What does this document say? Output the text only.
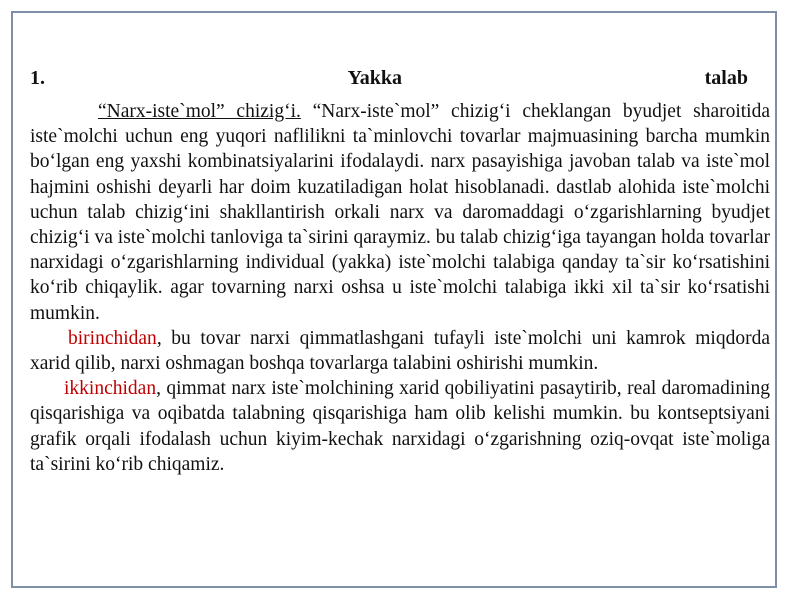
1.	Yakka	talab

“Narx-iste`mol” chizig‘i. “Narx-iste`mol” chizig‘i cheklangan byudjet sharoitida iste`molchi uchun eng yuqori naflilikni ta`minlovchi tovarlar majmuasining barcha mumkin bo‘lgan eng yaxshi kombinatsiyalarini ifodalaydi. narx pasayishiga javoban talab va iste`mol hajmini oshishi deyarli har doim kuzatiladigan holat hisoblanadi. dastlab alohida iste`molchi uchun talab chizig‘ini shakllantirish orkali narx va daromaddagi o‘zgarishlarning byudjet chizig‘i va iste`molchi tanloviga ta`sirini qaraymiz. bu talab chizig‘iga tayangan holda tovarlar narxidagi o‘zgarishlarning individual (yakka) iste`molchi talabiga qanday ta`sir ko‘rsatishini ko‘rib chiqaylik. agar tovarning narxi oshsa u iste`molchi talabiga ikki xil ta`sir ko‘rsatishi mumkin.

birinchidan, bu tovar narxi qimmatlashgani tufayli iste`molchi uni kamrok miqdorda xarid qilib, narxi oshmagan boshqa tovarlarga talabini oshirishi mumkin.

ikkinchidan, qimmat narx iste`molchining xarid qobiliyatini pasaytirib, real daromadining qisqarishiga va oqibatda talabning qisqarishiga ham olib kelishi mumkin. bu kontseptsiyani grafik orqali ifodalash uchun kiyim-kechak narxidagi o‘zgarishning oziq-ovqat iste`moliga ta`sirini ko‘rib chiqamiz.
